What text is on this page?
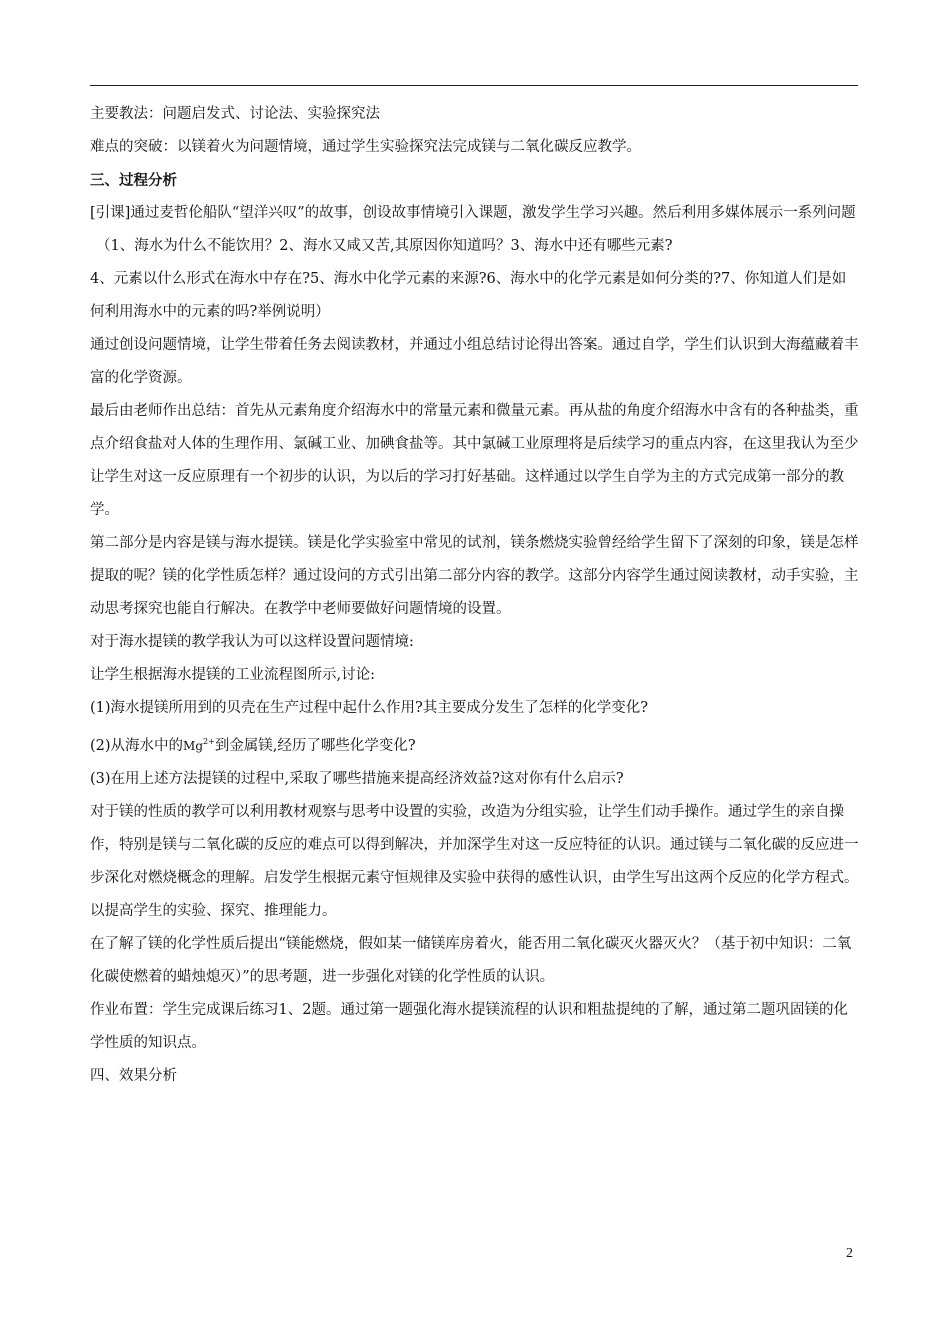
主要教法：问题启发式、讨论法、实验探究法

难点的突破：以镁着火为问题情境，通过学生实验探究法完成镁与二氧化碳反应教学。

三、过程分析

[引课]通过麦哲伦船队“望洋兴叹”的故事，创设故事情境引入课题，激发学生学习兴趣。然后利用多媒体展示一系列问题

（1、海水为什么不能饮用？2、海水又咸又苦,其原因你知道吗？3、海水中还有哪些元素?

4、元素以什么形式在海水中存在?5、海水中化学元素的来源?6、海水中的化学元素是如何分类的?7、你知道人们是如何利用海水中的元素的吗?举例说明）

通过创设问题情境，让学生带着任务去阅读教材，并通过小组总结讨论得出答案。通过自学，学生们认识到大海蕴藏着丰富的化学资源。

最后由老师作出总结：首先从元素角度介绍海水中的常量元素和微量元素。再从盐的角度介绍海水中含有的各种盐类，重点介绍食盐对人体的生理作用、氯碱工业、加碘食盐等。其中氯碱工业原理将是后续学习的重点内容，在这里我认为至少让学生对这一反应原理有一个初步的认识，为以后的学习打好基础。这样通过以学生自学为主的方式完成第一部分的教学。

第二部分是内容是镁与海水提镁。镁是化学实验室中常见的试剂，镁条燃烧实验曾经给学生留下了深刻的印象，镁是怎样提取的呢？镁的化学性质怎样？通过设问的方式引出第二部分内容的教学。这部分内容学生通过阅读教材，动手实验，主动思考探究也能自行解决。在教学中老师要做好问题情境的设置。

对于海水提镁的教学我认为可以这样设置问题情境:

让学生根据海水提镁的工业流程图所示,讨论:

(1)海水提镁所用到的贝壳在生产过程中起什么作用?其主要成分发生了怎样的化学变化?

(2)从海水中的$Mg^{2+}$到金属镁,经历了哪些化学变化?

(3)在用上述方法提镁的过程中,采取了哪些措施来提高经济效益?这对你有什么启示?

对于镁的性质的教学可以利用教材观察与思考中设置的实验，改造为分组实验，让学生们动手操作。通过学生的亲自操作，特别是镁与二氧化碳的反应的难点可以得到解决，并加深学生对这一反应特征的认识。通过镁与二氧化碳的反应进一步深化对燃烧概念的理解。启发学生根据元素守恒规律及实验中获得的感性认识，由学生写出这两个反应的化学方程式。以提高学生的实验、探究、推理能力。

在了解了镁的化学性质后提出“镁能燃烧，假如某一储镁库房着火，能否用二氧化碳灭火器灭火？（基于初中知识：二氧化碳使燃着的蜡烛熄灭）”的思考题，进一步强化对镁的化学性质的认识。

作业布置：学生完成课后练习1、2题。通过第一题强化海水提镁流程的认识和粗盐提纯的了解，通过第二题巩固镁的化学性质的知识点。

四、效果分析

2
